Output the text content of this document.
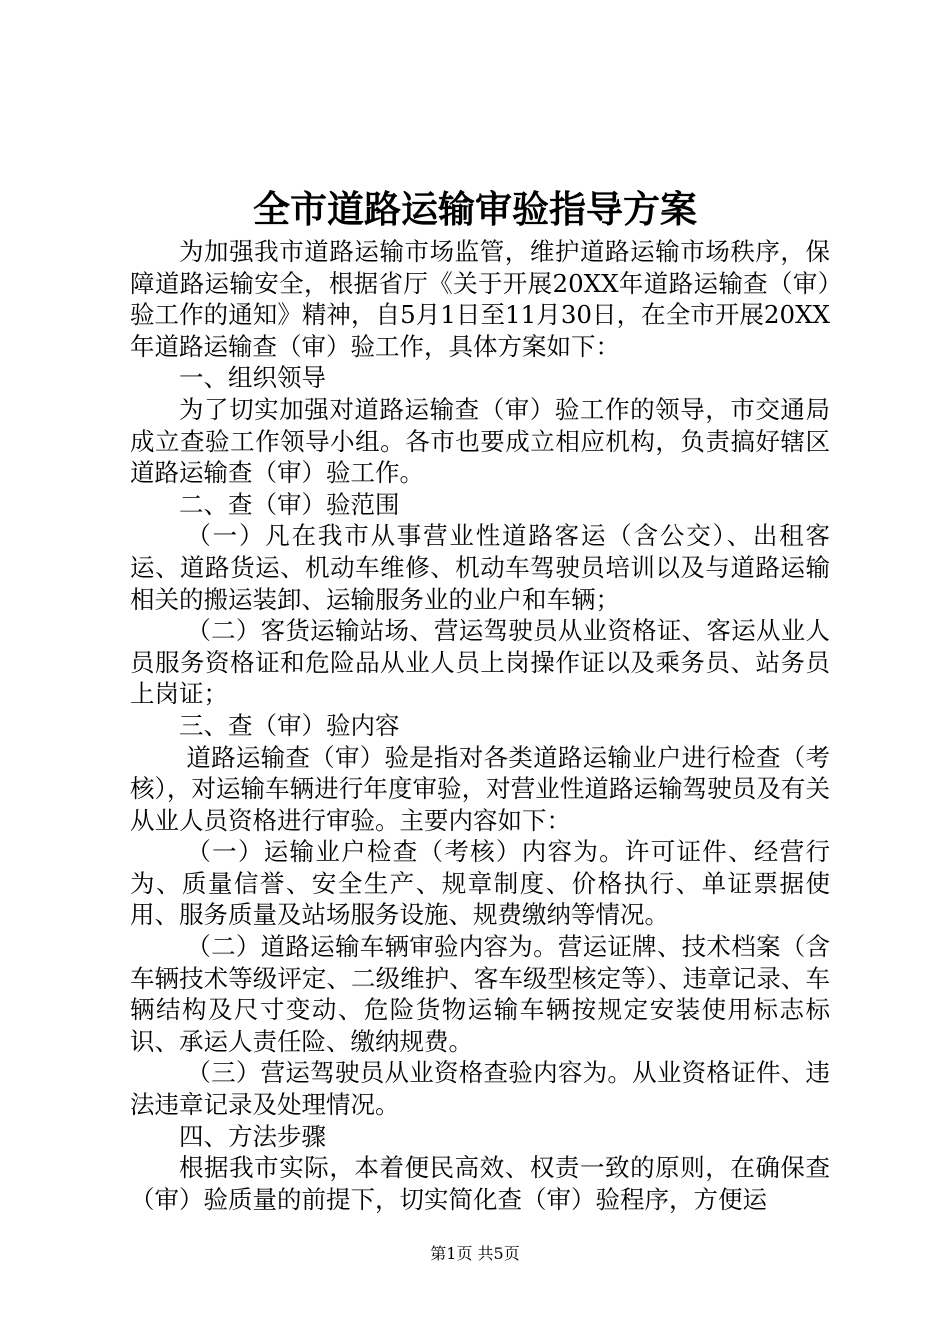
全市道路运输审验指导方案

为加强我市道路运输市场监管，维护道路运输市场秩序，保障道路运输安全，根据省厅《关于开展20XX年道路运输查（审）验工作的通知》精神，自5月1日至11月30日，在全市开展20XX年道路运输查（审）验工作，具体方案如下：

一、组织领导

为了切实加强对道路运输查（审）验工作的领导，市交通局成立查验工作领导小组。各市也要成立相应机构，负责搞好辖区道路运输查（审）验工作。

二、查（审）验范围

（一）凡在我市从事营业性道路客运（含公交）、出租客运、道路货运、机动车维修、机动车驾驶员培训以及与道路运输相关的搬运装卸、运输服务业的业户和车辆；

（二）客货运输站场、营运驾驶员从业资格证、客运从业人员服务资格证和危险品从业人员上岗操作证以及乘务员、站务员上岗证；

三、查（审）验内容

道路运输查（审）验是指对各类道路运输业户进行检查（考核），对运输车辆进行年度审验，对营业性道路运输驾驶员及有关从业人员资格进行审验。主要内容如下：

（一）运输业户检查（考核）内容为。许可证件、经营行为、质量信誉、安全生产、规章制度、价格执行、单证票据使用、服务质量及站场服务设施、规费缴纳等情况。

（二）道路运输车辆审验内容为。营运证牌、技术档案（含车辆技术等级评定、二级维护、客车级型核定等）、违章记录、车辆结构及尺寸变动、危险货物运输车辆按规定安装使用标志标识、承运人责任险、缴纳规费。

（三）营运驾驶员从业资格查验内容为。从业资格证件、违法违章记录及处理情况。

四、方法步骤

根据我市实际，本着便民高效、权责一致的原则，在确保查（审）验质量的前提下，切实简化查（审）验程序，方便运

第1页 共5页
